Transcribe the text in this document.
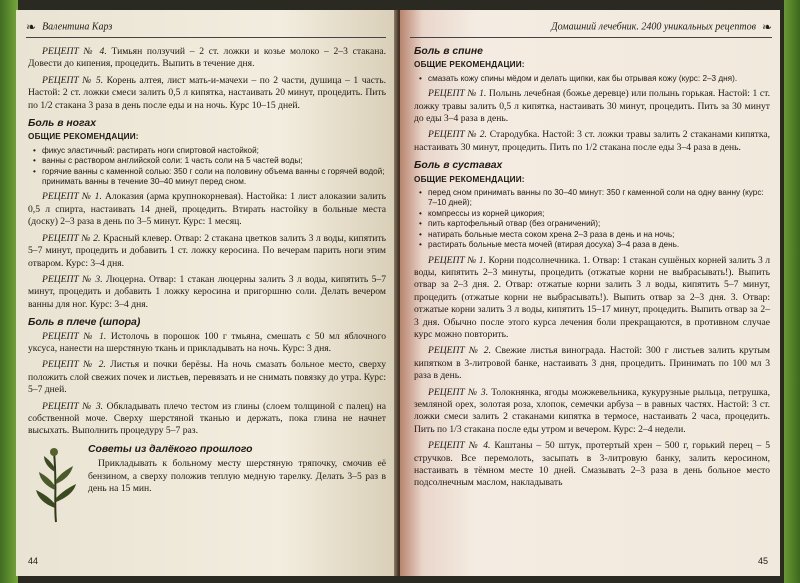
❧ Валентина Карз

РЕЦЕПТ № 4. Тимьян ползучий – 2 ст. ложки и козье молоко – 2–3 стакана. Довести до кипения, процедить. Выпить в течение дня.

РЕЦЕПТ № 5. Корень алтея, лист мать-и-мачехи – по 2 части, душица – 1 часть. Настой: 2 ст. ложки смеси залить 0,5 л кипятка, настаивать 20 минут, процедить. Пить по 1/2 стакана 3 раза в день после еды и на ночь. Курс 10–15 дней.

Боль в ногах
ОБЩИЕ РЕКОМЕНДАЦИИ:
• фикус эластичный: растирать ноги спиртовой настойкой;
• ванны с раствором английской соли: 1 часть соли на 5 частей воды;
• горячие ванны с каменной солью: 350 г соли на половину объема ванны с горячей водой; принимать ванны в течение 30–40 минут перед сном.

РЕЦЕПТ № 1. Алоказия (арма крупнокорневая). Настойка: 1 лист алоказии залить 0,5 л спирта, настаивать 14 дней, процедить. Втирать настойку в больные места (доску) 2–3 раза в день по 3–5 минут. Курс: 1 месяц.

РЕЦЕПТ № 2. Красный клевер. Отвар: 2 стакана цветков залить 3 л воды, кипятить 5–7 минут, процедить и добавить 1 ст. ложку керосина. По вечерам парить ноги этим отваром. Курс: 3–4 дня.

РЕЦЕПТ № 3. Люцерна. Отвар: 1 стакан люцерны залить 3 л воды, кипятить 5–7 минут, процедить и добавить 1 ложку керосина и пригоршню соли. Делать вечером ванны для ног. Курс: 3–4 дня.

Боль в плече (шпора)

РЕЦЕПТ № 1. Истолочь в порошок 100 г тмьяна, смешать с 50 мл яблочного уксуса, нанести на шерстяную ткань и прикладывать на ночь. Курс: 3 дня.

РЕЦЕПТ № 2. Листья и почки берёзы. На ночь смазать больное место, сверху положить слой свежих почек и листьев, перевязать и не снимать повязку до утра. Курс: 5–7 дней.

РЕЦЕПТ № 3. Обкладывать плечо тестом из глины (слоем толщиной с палец) на собственной моче. Сверху шерстяной тканью и держать, пока глина не начнет высыхать. Выполнить процедуру 5–7 раз.

Советы из далёкого прошлого

Прикладывать к больному месту шерстяную тряпочку, смочив её бензином, а сверху положив теплую медную тарелку. Делать 3–5 раз в день на 15 мин.

44
Домашний лечебник. 2400 уникальных рецептов ❧
Боль в спине
ОБЩИЕ РЕКОМЕНДАЦИИ:
• смазать кожу спины мёдом и делать щипки, как бы отрывая кожу (курс: 2–3 дня).

РЕЦЕПТ № 1. Полынь лечебная (божье деревце) или полынь горькая. Настой: 1 ст. ложку травы залить 0,5 л кипятка, настаивать 30 минут, процедить. Пить за 30 минут до еды 3–4 раза в день.

РЕЦЕПТ № 2. Стародубка. Настой: 3 ст. ложки травы залить 2 стаканами кипятка, настаивать 30 минут, процедить. Пить по 1/2 стакана после еды 3–4 раза в день.

Боль в суставах
ОБЩИЕ РЕКОМЕНДАЦИИ:
• перед сном принимать ванны по 30–40 минут: 350 г каменной соли на одну ванну (курс: 7–10 дней);
• компрессы из корней цикория;
• пить картофельный отвар (без ограничений);
• натирать больные места соком хрена 2–3 раза в день и на ночь;
• растирать больные места мочей (втирая досуха) 3–4 раза в день.

РЕЦЕПТ № 1. Корни подсолнечника. 1. Отвар: 1 стакан сушёных корней залить 3 л воды, кипятить 2–3 минуты, процедить (отжатые корни не выбрасывать!). Выпить отвар за 2–3 дня. 2. Отвар: отжатые корни залить 3 л воды, кипятить 5–7 минут, процедить (отжатые корни не выбрасывать!). Выпить отвар за 2–3 дня. 3. Отвар: отжатые корни залить 3 л воды, кипятить 15–17 минут, процедить. Выпить отвар за 2–3 дня. Обычно после этого курса лечения боли прекращаются, в противном случае курс можно повторить.

РЕЦЕПТ № 2. Свежие листья винограда. Настой: 300 г листьев залить крутым кипятком в 3-литровой банке, настаивать 3 дня, процедить. Принимать по 100 мл 3 раза в день.

РЕЦЕПТ № 3. Толокнянка, ягоды можжевельника, кукурузные рыльца, петрушка, земляной орех, золотая роза, хлопок, семечки арбуза – в равных частях. Настой: 3 ст. ложки смеси залить 2 стаканами кипятка в термосе, настаивать 2 часа, процедить. Пить по 1/3 стакана после еды утром и вечером. Курс: 2–4 недели.

РЕЦЕПТ № 4. Каштаны – 50 штук, протертый хрен – 500 г, горький перец – 5 стручков. Все перемолоть, засыпать в 3-литровую банку, залить керосином, настаивать в тёмном месте 10 дней. Смазывать 2–3 раза в день больное место подсолнечным маслом, накладывать

45
